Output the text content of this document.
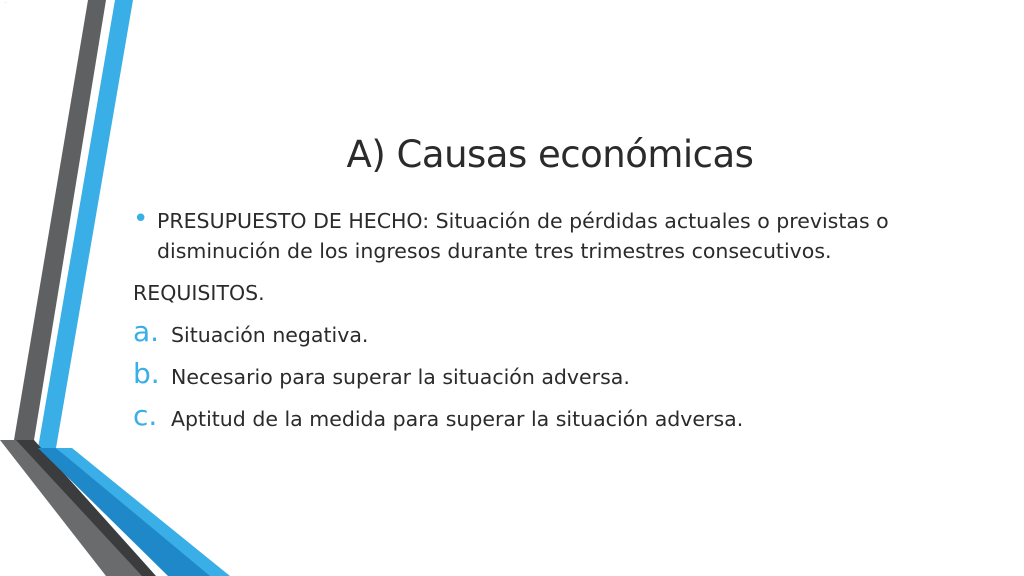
…
A) Causas económicas
• PRESUPUESTO DE HECHO: Situación de pérdidas actuales o previstas o disminución de los ingresos durante tres trimestres consecutivos.
REQUISITOS.
a. Situación negativa.
b. Necesario para superar la situación adversa.
c. Aptitud de la medida para superar la situación adversa.
